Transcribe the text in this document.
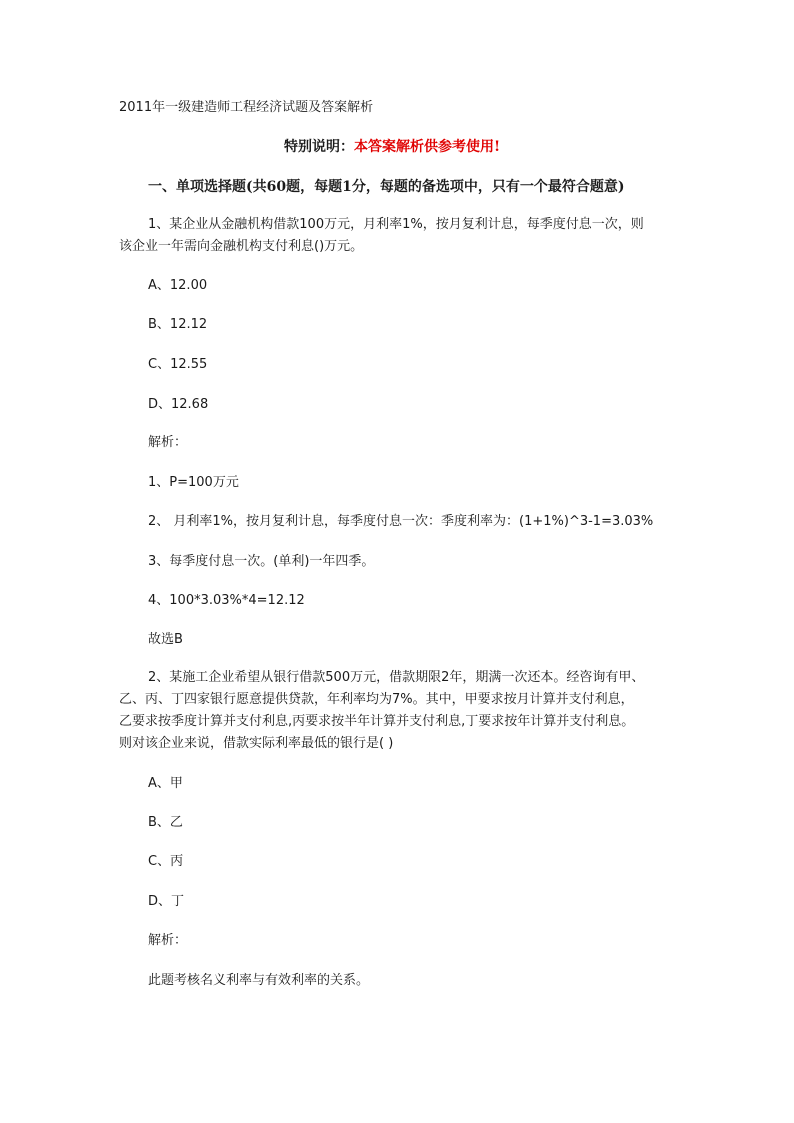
2011年一级建造师工程经济试题及答案解析
特别说明：本答案解析供参考使用!
一、单项选择题(共60题，每题1分，每题的备选项中，只有一个最符合题意)
1、某企业从金融机构借款100万元，月利率1%，按月复利计息，每季度付息一次，则
该企业一年需向金融机构支付利息()万元。
A、12.00
B、12.12
C、12.55
D、12.68
解析：
1、P=100万元
2、 月利率1%，按月复利计息，每季度付息一次：季度利率为：(1+1%)^3-1=3.03%
3、每季度付息一次。(单利)一年四季。
4、100*3.03%*4=12.12
故选B
2、某施工企业希望从银行借款500万元，借款期限2年，期满一次还本。经咨询有甲、
乙、丙、丁四家银行愿意提供贷款，年利率均为7%。其中，甲要求按月计算并支付利息，
乙要求按季度计算并支付利息,丙要求按半年计算并支付利息,丁要求按年计算并支付利息。
则对该企业来说，借款实际利率最低的银行是( )
A、甲
B、乙
C、丙
D、丁
解析：
此题考核名义利率与有效利率的关系。
